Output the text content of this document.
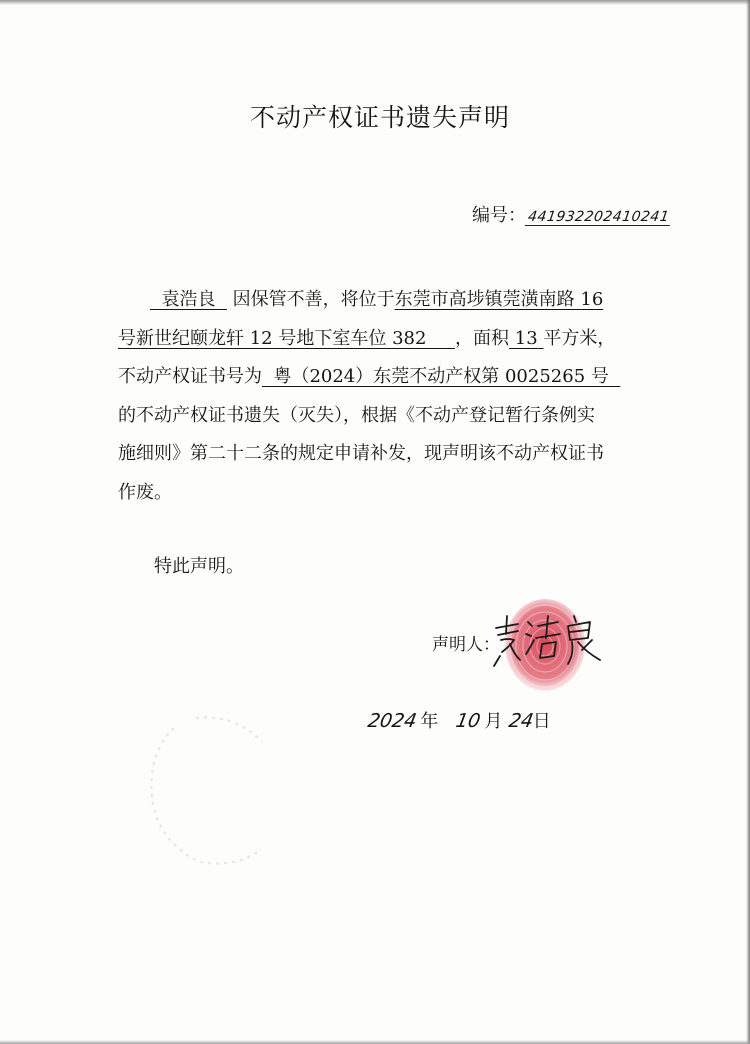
不动产权证书遗失声明
编号：441932202410241
袁浩良 因保管不善，将位于东莞市高埗镇莞潢南路 16
号新世纪颐龙轩 12 号地下室车位 382 ，面积 13 平方米，
不动产权证书号为 粤（2024）东莞不动产权第 0025265 号
的不动产权证书遗失（灭失），根据《不动产登记暂行条例实
施细则》第二十二条的规定申请补发，现声明该不动产权证书
作废。
特此声明。
声明人：
2024 年 10 月 24日
